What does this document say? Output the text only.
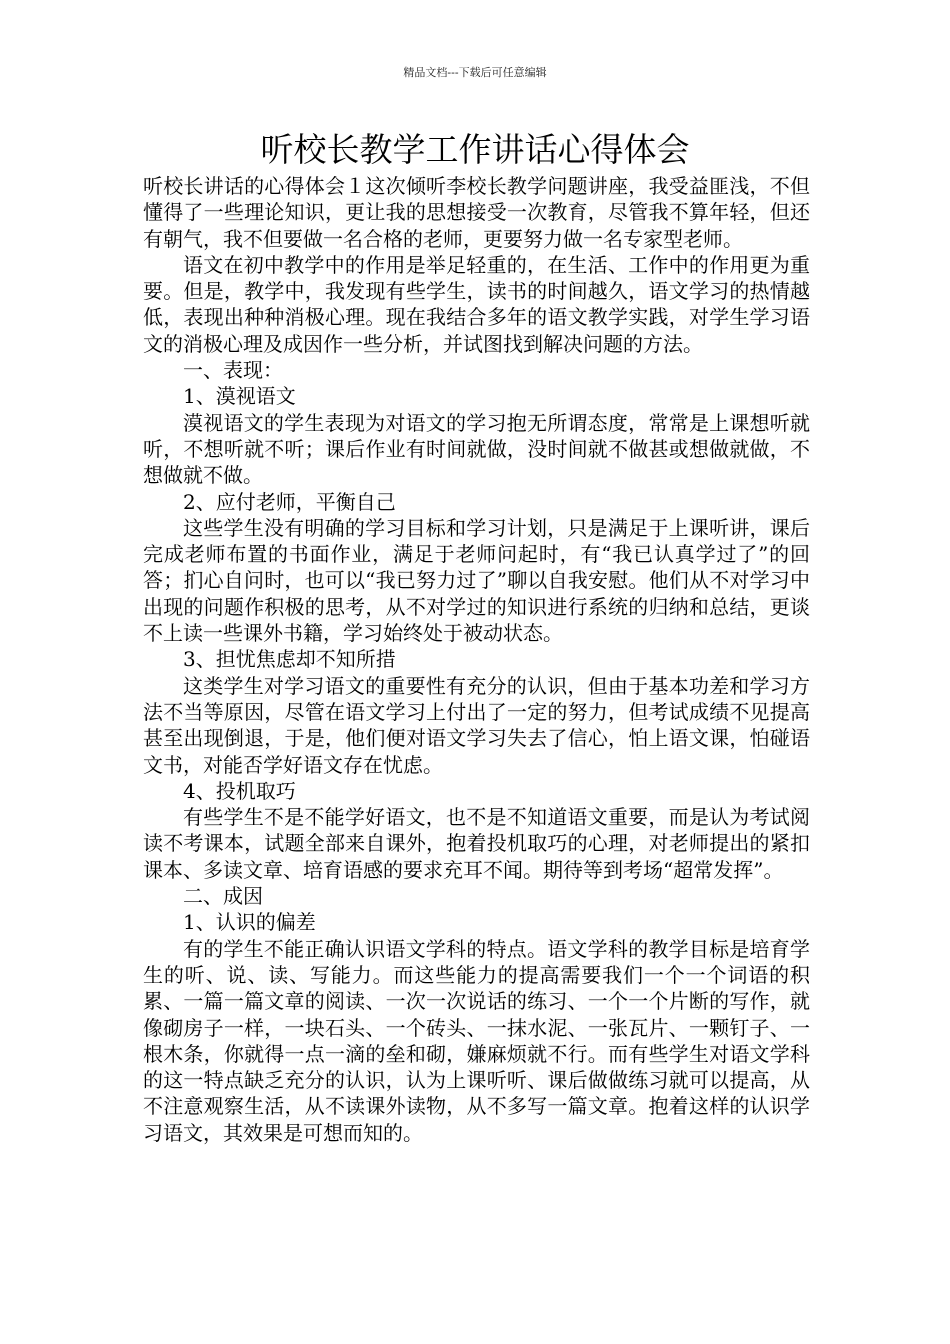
精品文档---下载后可任意编辑
听校长教学工作讲话心得体会

听校长讲话的心得体会１这次倾听李校长教学问题讲座，我受益匪浅，不但懂得了一些理论知识，更让我的思想接受一次教育，尽管我不算年轻，但还有朝气，我不但要做一名合格的老师，更要努力做一名专家型老师。

语文在初中教学中的作用是举足轻重的，在生活、工作中的作用更为重要。但是，教学中，我发现有些学生，读书的时间越久，语文学习的热情越低，表现出种种消极心理。现在我结合多年的语文教学实践，对学生学习语文的消极心理及成因作一些分析，并试图找到解决问题的方法。

一、表现：

1、漠视语文

漠视语文的学生表现为对语文的学习抱无所谓态度，常常是上课想听就听，不想听就不听；课后作业有时间就做，没时间就不做甚或想做就做，不想做就不做。

2、应付老师，平衡自己

这些学生没有明确的学习目标和学习计划，只是满足于上课听讲，课后完成老师布置的书面作业，满足于老师问起时，有“我已认真学过了”的回答；扪心自问时，也可以“我已努力过了”聊以自我安慰。他们从不对学习中出现的问题作积极的思考，从不对学过的知识进行系统的归纳和总结，更谈不上读一些课外书籍，学习始终处于被动状态。

3、担忧焦虑却不知所措

这类学生对学习语文的重要性有充分的认识，但由于基本功差和学习方法不当等原因，尽管在语文学习上付出了一定的努力，但考试成绩不见提高甚至出现倒退，于是，他们便对语文学习失去了信心，怕上语文课，怕碰语文书，对能否学好语文存在忧虑。

4、投机取巧

有些学生不是不能学好语文，也不是不知道语文重要，而是认为考试阅读不考课本，试题全部来自课外，抱着投机取巧的心理，对老师提出的紧扣课本、多读文章、培育语感的要求充耳不闻。期待等到考场“超常发挥”。

二、成因

1、认识的偏差

有的学生不能正确认识语文学科的特点。语文学科的教学目标是培育学生的听、说、读、写能力。而这些能力的提高需要我们一个一个词语的积累、一篇一篇文章的阅读、一次一次说话的练习、一个一个片断的写作，就像砌房子一样，一块石头、一个砖头、一抹水泥、一张瓦片、一颗钉子、一根木条，你就得一点一滴的垒和砌，嫌麻烦就不行。而有些学生对语文学科的这一特点缺乏充分的认识，认为上课听听、课后做做练习就可以提高，从不注意观察生活，从不读课外读物，从不多写一篇文章。抱着这样的认识学习语文，其效果是可想而知的。
